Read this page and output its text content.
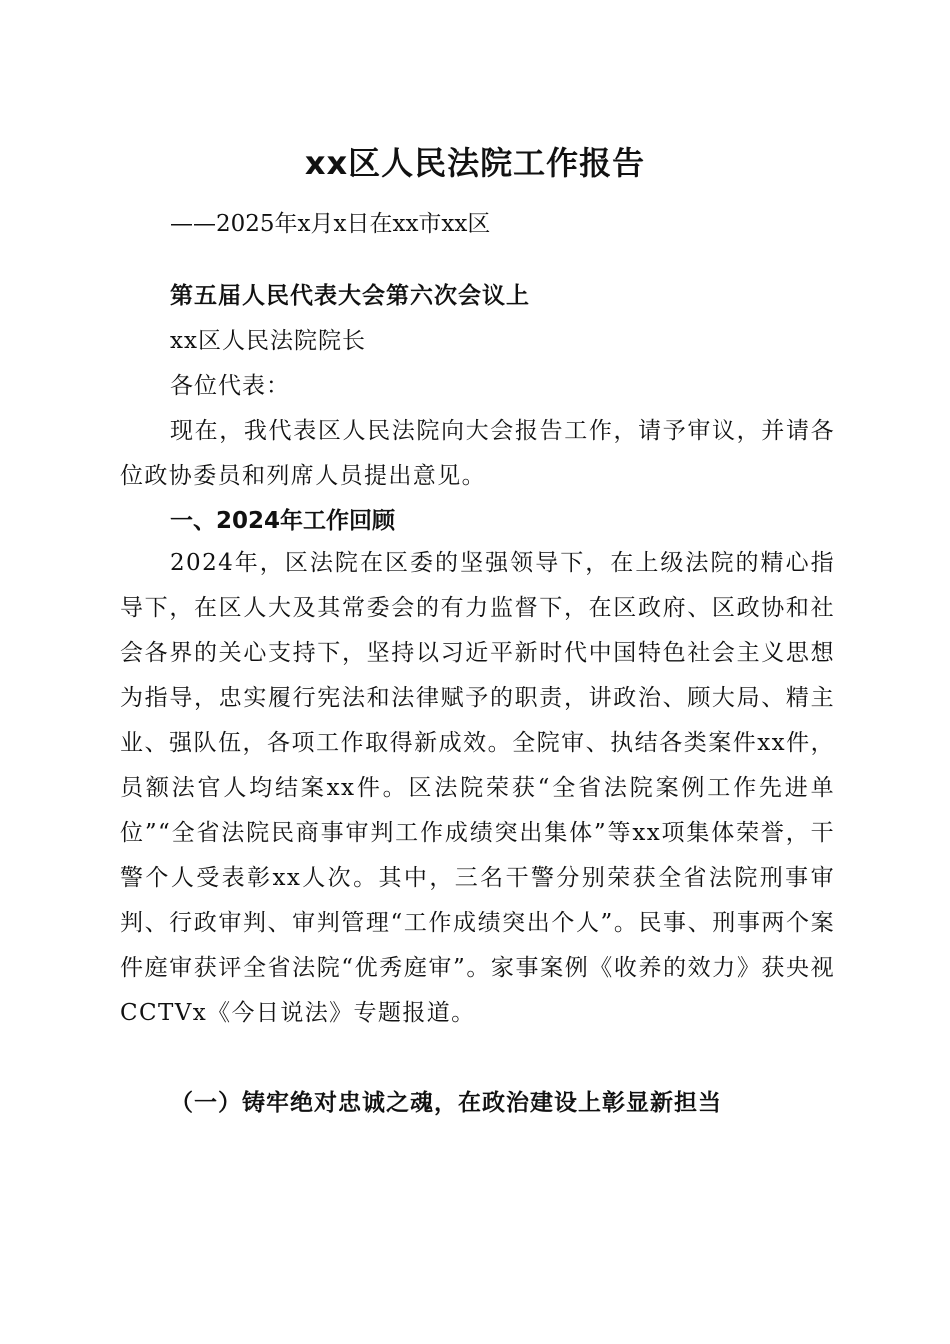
xx区人民法院工作报告
——2025年x月x日在xx市xx区
第五届人民代表大会第六次会议上
xx区人民法院院长
各位代表：
现在，我代表区人民法院向大会报告工作，请予审议，并请各位政协委员和列席人员提出意见。
一、2024年工作回顾
2024年，区法院在区委的坚强领导下，在上级法院的精心指导下，在区人大及其常委会的有力监督下，在区政府、区政协和社会各界的关心支持下，坚持以习近平新时代中国特色社会主义思想为指导，忠实履行宪法和法律赋予的职责，讲政治、顾大局、精主业、强队伍，各项工作取得新成效。全院审、执结各类案件xx件，员额法官人均结案xx件。区法院荣获“全省法院案例工作先进单位”“全省法院民商事审判工作成绩突出集体”等xx项集体荣誉，干警个人受表彰xx人次。其中，三名干警分别荣获全省法院刑事审判、行政审判、审判管理“工作成绩突出个人”。民事、刑事两个案件庭审获评全省法院“优秀庭审”。家事案例《收养的效力》获央视CCTVx《今日说法》专题报道。
（一）铸牢绝对忠诚之魂，在政治建设上彰显新担当
